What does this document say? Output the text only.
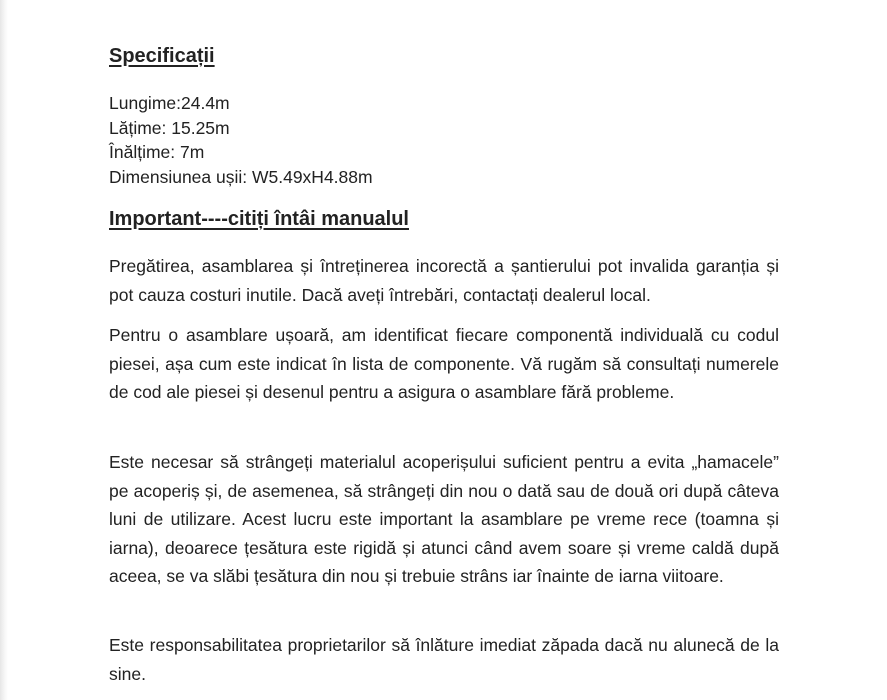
Specificații
Lungime:24.4m
Lățime: 15.25m
Înălțime: 7m
Dimensiunea ușii: W5.49xH4.88m
Important----citiți întâi manualul

Pregătirea, asamblarea și întreținerea incorectă a șantierului pot invalida garanția și pot cauza costuri inutile. Dacă aveți întrebări, contactați dealerul local.

Pentru o asamblare ușoară, am identificat fiecare componentă individuală cu codul piesei, așa cum este indicat în lista de componente. Vă rugăm să consultați numerele de cod ale piesei și desenul pentru a asigura o asamblare fără probleme.

Este necesar să strângeți materialul acoperișului suficient pentru a evita „hamacele” pe acoperiș și, de asemenea, să strângeți din nou o dată sau de două ori după câteva luni de utilizare. Acest lucru este important la asamblare pe vreme rece (toamna și iarna), deoarece țesătura este rigidă și atunci când avem soare și vreme caldă după aceea, se va slăbi țesătura din nou și trebuie strâns iar înainte de iarna viitoare.

Este responsabilitatea proprietarilor să înlăture imediat zăpada dacă nu alunecă de la sine.
